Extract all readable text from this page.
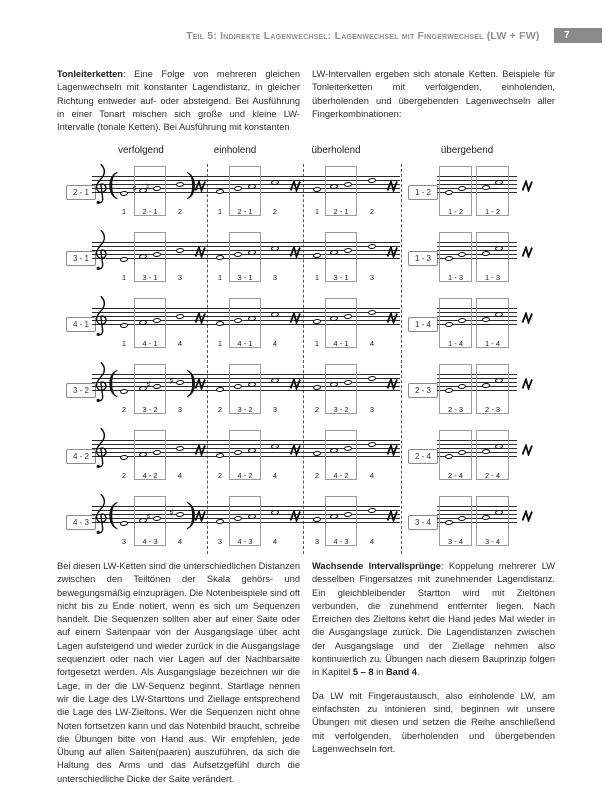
Teil 5: Indirekte Lagenwechsel: Lagenwechsel mit Fingerwechsel (LW + FW) 7

Tonleiterketten: Eine Folge von mehreren gleichen Lagenwechseln mit konstanter Lagendistanz, in gleicher Richtung entweder auf- oder absteigend. Bei Ausführung in einer Tonart mischen sich große und kleine LW-Intervalle (tonale Ketten). Bei Ausführung mit konstanten

LW-Intervallen ergeben sich atonale Ketten. Beispiele für Tonleiterketten mit verfolgenden, einholenden, überholenden und übergebenden Lagenwechseln aller Fingerkombinationen:

verfolgend	einholend	überholend	übergebend
2 - 1 ( )
♯ ♮
1	2 - 1	2	1	2 - 1	2	1	2 - 1	2
1 - 2
1 - 2	1 - 2
3 - 1
1	3 - 1	3	1	3 - 1	3	1	3 - 1	3
1 - 3
1 - 3	1 - 3
4 - 1
1	4 - 1	4	1	4 - 1	4	1	4 - 1	4
1 - 4
1 - 4	1 - 4
3 - 2 ( )
♯ ♯
2	3 - 2	3	2	3 - 2	3	2	3 - 2	3
2 - 3
2 - 3	2 - 3
4 - 2
2	4 - 2	4	2	4 - 2	4	2	4 - 2	4
2 - 4
2 - 4	2 - 4
4 - 3 ( )
♯ ♯
3	4 - 3	4	3	4 - 3	4	3	4 - 3	4
3 - 4
3 - 4	3 - 4

Bei diesen LW-Ketten sind die unterschiedlichen Distanzen zwischen den Teiltönen der Skala gehörs- und bewegungsmäßig einzuprägen. Die Notenbeispiele sind oft nicht bis zu Ende notiert, wenn es sich um Sequenzen handelt. Die Sequenzen sollten aber auf einer Saite oder auf einem Saitenpaar von der Ausgangslage über acht Lagen aufsteigend und wieder zurück in die Ausgangslage sequenziert oder nach vier Lagen auf der Nachbarsaite fortgesetzt werden. Als Ausgangslage bezeichnen wir die Lage, in der die LW-Sequenz beginnt. Startlage nennen wir die Lage des LW-Starttons und Ziellage entsprechend die Lage des LW-Zieltons. Wer die Sequenzen nicht ohne Noten fortsetzen kann und das Notenbild braucht, schreibe die Übungen bitte von Hand aus. Wir empfehlen, jede Übung auf allen Saiten(paaren) auszuführen, da sich die Haltung des Arms und das Aufsetzgefühl durch die unterschiedliche Dicke der Saite verändert.

Wachsende Intervallsprünge: Koppelung mehrerer LW desselben Fingersatzes mit zunehmender Lagendistanz. Ein gleichbleibender Startton wird mit Zieltönen verbunden, die zunehmend entfernter liegen. Nach Erreichen des Zieltons kehrt die Hand jedes Mal wieder in die Ausgangslage zurück. Die Lagendistanzen zwischen der Ausgangslage und der Ziellage nehmen also kontinuierlich zu. Übungen nach diesem Bauprinzip folgen in Kapitel 5 – 8 in Band 4.

Da LW mit Fingeraustausch, also einholende LW, am einfachsten zu intonieren sind, beginnen wir unsere Übungen mit diesen und setzen die Reihe anschließend mit verfolgenden, überholenden und übergebenden Lagenwechseln fort.
